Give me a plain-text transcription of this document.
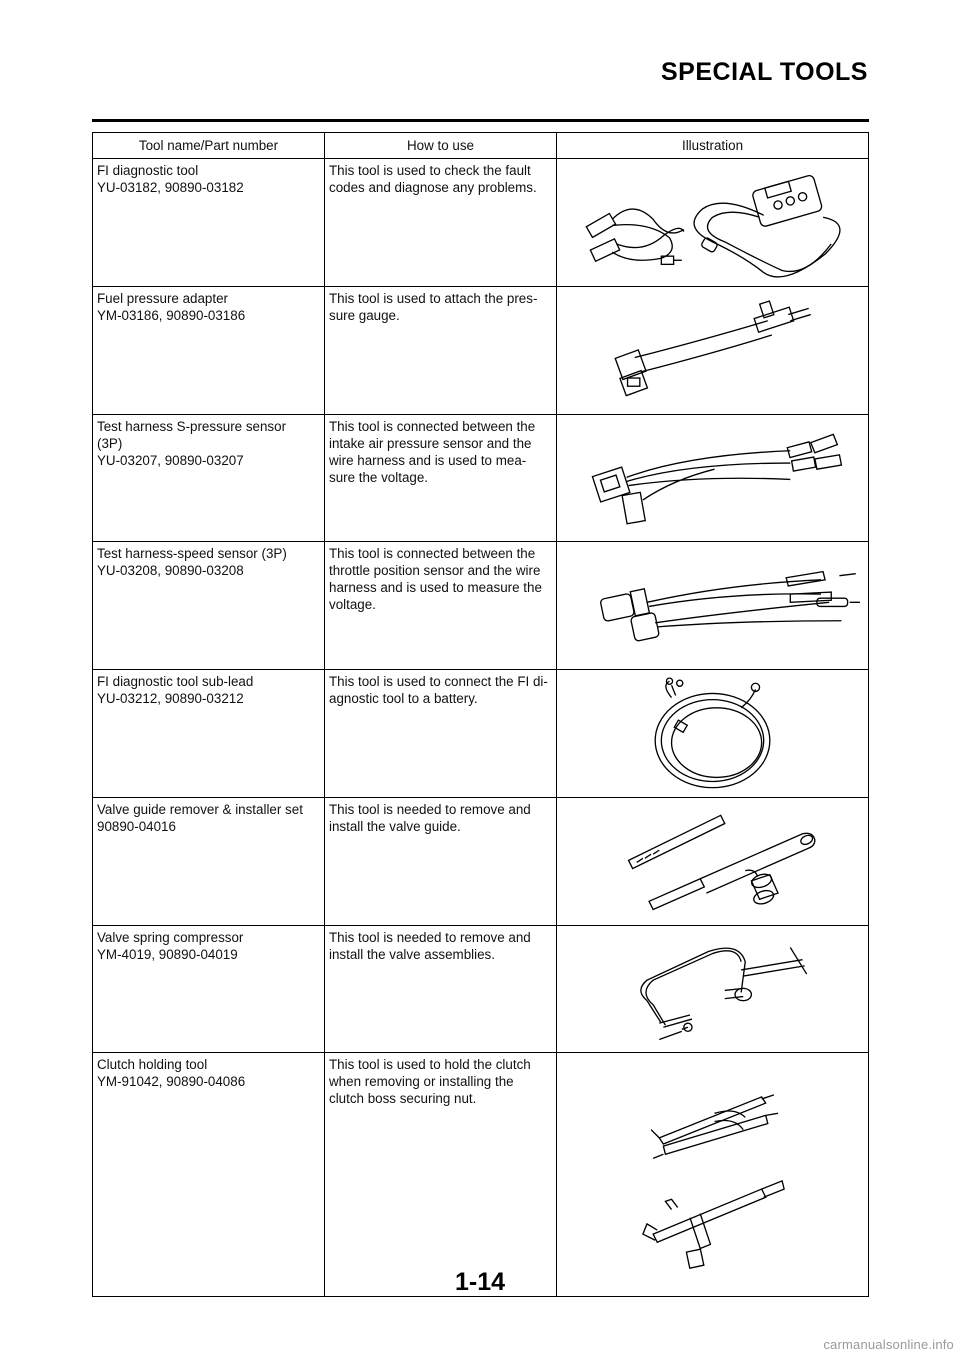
SPECIAL TOOLS
Tool name/Part number	How to use	Illustration

FI diagnostic tool
YU-03182, 90890-03182	This tool is used to check the fault
codes and diagnose any problems.

Fuel pressure adapter
YM-03186, 90890-03186	This tool is used to attach the pres-
sure gauge.

Test harness S-pressure sensor
(3P)
YU-03207, 90890-03207	This tool is connected between the
intake air pressure sensor and the
wire harness and is used to mea-
sure the voltage.

Test harness-speed sensor (3P)
YU-03208, 90890-03208	This tool is connected between the
throttle position sensor and the wire
harness and is used to measure the
voltage.

FI diagnostic tool sub-lead
YU-03212, 90890-03212	This tool is used to connect the FI di-
agnostic tool to a battery.

Valve guide remover & installer set
90890-04016	This tool is needed to remove and
install the valve guide.

Valve spring compressor
YM-4019, 90890-04019	This tool is needed to remove and
install the valve assemblies.

Clutch holding tool
YM-91042, 90890-04086	This tool is used to hold the clutch
when removing or installing the
clutch boss securing nut.

1-14
carmanualsonline.info
